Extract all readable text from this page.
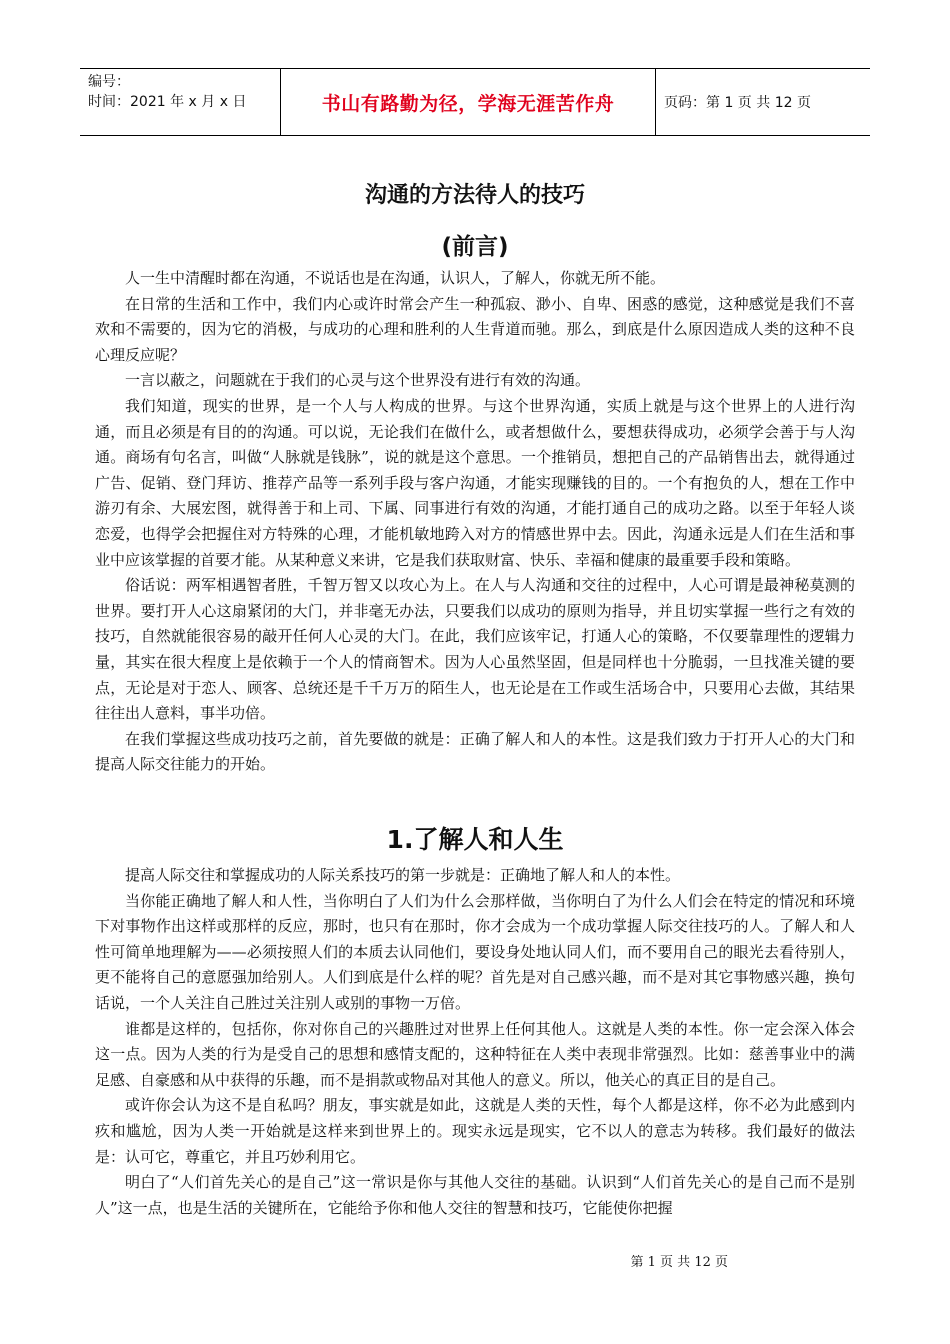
编号：
时间：2021 年 x 月 x 日	书山有路勤为径，学海无涯苦作舟	页码：第 1 页 共 12 页
沟通的方法待人的技巧
(前言)

人一生中清醒时都在沟通，不说话也是在沟通，认识人，了解人，你就无所不能。

在日常的生活和工作中，我们内心或许时常会产生一种孤寂、渺小、自卑、困惑的感觉，这种感觉是我们不喜欢和不需要的，因为它的消极，与成功的心理和胜利的人生背道而驰。那么，到底是什么原因造成人类的这种不良心理反应呢？

一言以蔽之，问题就在于我们的心灵与这个世界没有进行有效的沟通。

我们知道，现实的世界，是一个人与人构成的世界。与这个世界沟通，实质上就是与这个世界上的人进行沟通，而且必须是有目的的沟通。可以说，无论我们在做什么，或者想做什么，要想获得成功，必须学会善于与人沟通。商场有句名言，叫做“人脉就是钱脉”，说的就是这个意思。一个推销员，想把自己的产品销售出去，就得通过广告、促销、登门拜访、推荐产品等一系列手段与客户沟通，才能实现赚钱的目的。一个有抱负的人，想在工作中游刃有余、大展宏图，就得善于和上司、下属、同事进行有效的沟通，才能打通自己的成功之路。以至于年轻人谈恋爱，也得学会把握住对方特殊的心理，才能机敏地跨入对方的情感世界中去。因此，沟通永远是人们在生活和事业中应该掌握的首要才能。从某种意义来讲，它是我们获取财富、快乐、幸福和健康的最重要手段和策略。

俗话说：两军相遇智者胜，千智万智又以攻心为上。在人与人沟通和交往的过程中，人心可谓是最神秘莫测的世界。要打开人心这扇紧闭的大门，并非毫无办法，只要我们以成功的原则为指导，并且切实掌握一些行之有效的技巧，自然就能很容易的敲开任何人心灵的大门。在此，我们应该牢记，打通人心的策略，不仅要靠理性的逻辑力量，其实在很大程度上是依赖于一个人的情商智术。因为人心虽然坚固，但是同样也十分脆弱，一旦找准关键的要点，无论是对于恋人、顾客、总统还是千千万万的陌生人，也无论是在工作或生活场合中，只要用心去做，其结果往往出人意料，事半功倍。

在我们掌握这些成功技巧之前，首先要做的就是：正确了解人和人的本性。这是我们致力于打开人心的大门和提高人际交往能力的开始。

1.了解人和人生

提高人际交往和掌握成功的人际关系技巧的第一步就是：正确地了解人和人的本性。

当你能正确地了解人和人性，当你明白了人们为什么会那样做，当你明白了为什么人们会在特定的情况和环境下对事物作出这样或那样的反应，那时，也只有在那时，你才会成为一个成功掌握人际交往技巧的人。了解人和人性可简单地理解为——必须按照人们的本质去认同他们，要设身处地认同人们，而不要用自己的眼光去看待别人，更不能将自己的意愿强加给别人。人们到底是什么样的呢？首先是对自己感兴趣，而不是对其它事物感兴趣，换句话说，一个人关注自己胜过关注别人或别的事物一万倍。

谁都是这样的，包括你，你对你自己的兴趣胜过对世界上任何其他人。这就是人类的本性。你一定会深入体会这一点。因为人类的行为是受自己的思想和感情支配的，这种特征在人类中表现非常强烈。比如：慈善事业中的满足感、自豪感和从中获得的乐趣，而不是捐款或物品对其他人的意义。所以，他关心的真正目的是自己。

或许你会认为这不是自私吗？朋友，事实就是如此，这就是人类的天性，每个人都是这样，你不必为此感到内疚和尴尬，因为人类一开始就是这样来到世界上的。现实永远是现实，它不以人的意志为转移。我们最好的做法是：认可它，尊重它，并且巧妙利用它。

明白了“人们首先关心的是自己”这一常识是你与其他人交往的基础。认识到“人们首先关心的是自己而不是别人”这一点，也是生活的关键所在，它能给予你和他人交往的智慧和技巧，它能使你把握

第 1 页 共 12 页
